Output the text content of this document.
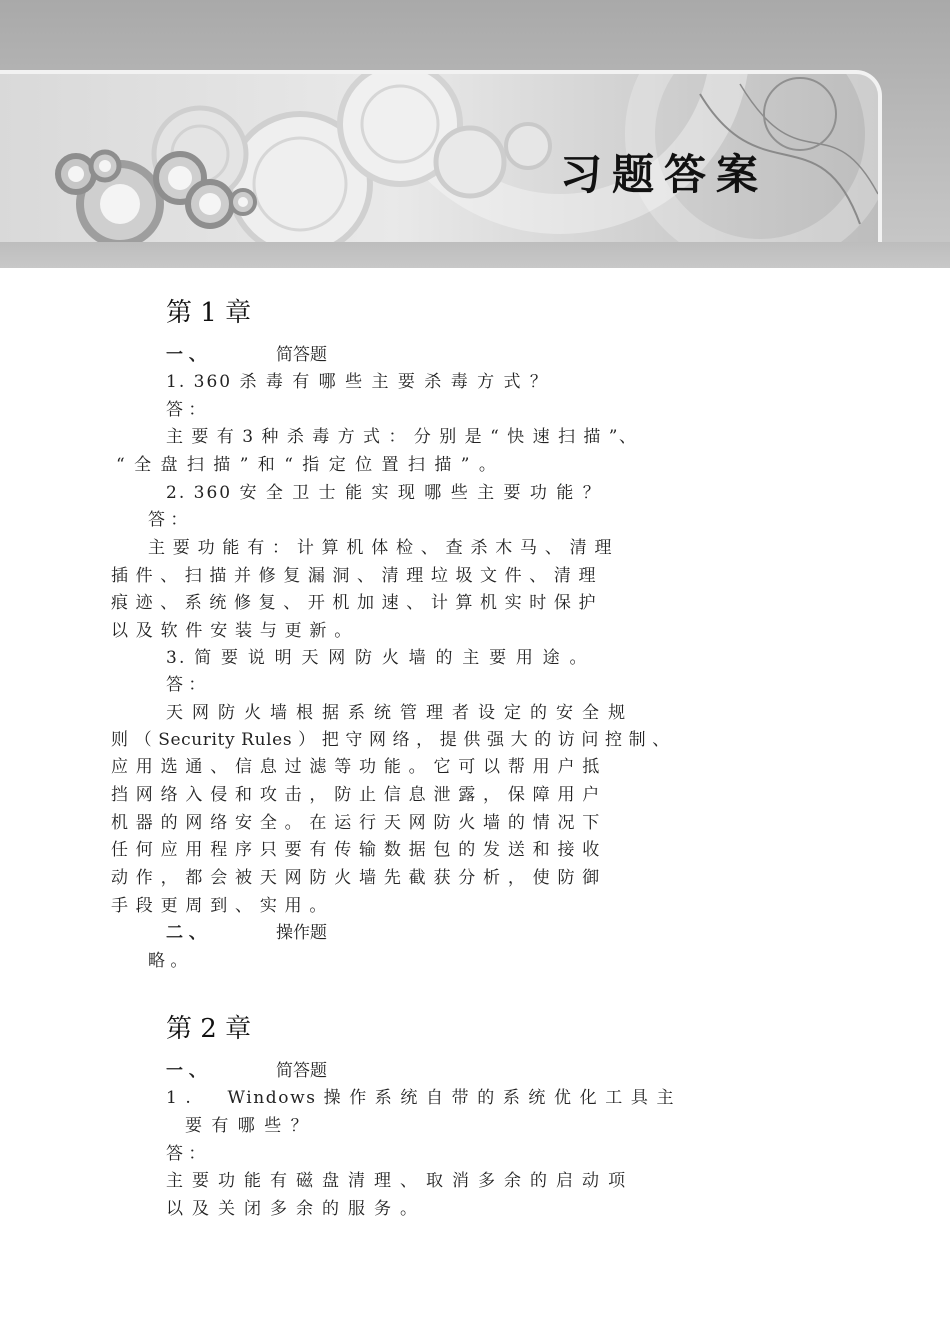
习题答案
第 1 章
一 、	简答题
1. 360 杀 毒 有 哪 些 主 要 杀 毒 方 式 ？
答 ：
主 要 有 3 种 杀 毒 方 式 ： 分 别 是 “ 快 速 扫 描 ”、
“ 全 盘 扫 描 ” 和 “ 指 定 位 置 扫 描 ” 。
2. 360 安 全 卫 士 能 实 现 哪 些 主 要 功 能 ？
答 ：
主 要 功 能 有 ： 计 算 机 体 检 、 查 杀 木 马 、 清 理
插 件 、 扫 描 并 修 复 漏 洞 、 清 理 垃 圾 文 件 、 清 理
痕 迹 、 系 统 修 复 、 开 机 加 速 、 计 算 机 实 时 保 护
以 及 软 件 安 装 与 更 新 。
3. 简 要 说 明 天 网 防 火 墙 的 主 要 用 途 。
答 ：
天 网 防 火 墙 根 据 系 统 管 理 者 设 定 的 安 全 规
则 （ Security Rules ） 把 守 网 络 ， 提 供 强 大 的 访 问 控 制 、
应 用 选 通 、 信 息 过 滤 等 功 能 。 它 可 以 帮 用 户 抵
挡 网 络 入 侵 和 攻 击 ， 防 止 信 息 泄 露 ， 保 障 用 户
机 器 的 网 络 安 全 。 在 运 行 天 网 防 火 墙 的 情 况 下
任 何 应 用 程 序 只 要 有 传 输 数 据 包 的 发 送 和 接 收
动 作 ， 都 会 被 天 网 防 火 墙 先 截 获 分 析 ， 使 防 御
手 段 更 周 到 、 实 用 。
二 、	操作题
略 。
第 2 章
一 、	简答题
1 .     Windows 操 作 系 统 自 带 的 系 统 优 化 工 具 主
要 有 哪 些 ？
答 ：
主 要 功 能 有 磁 盘 清 理 、 取 消 多 余 的 启 动 项
以 及 关 闭 多 余 的 服 务 。
